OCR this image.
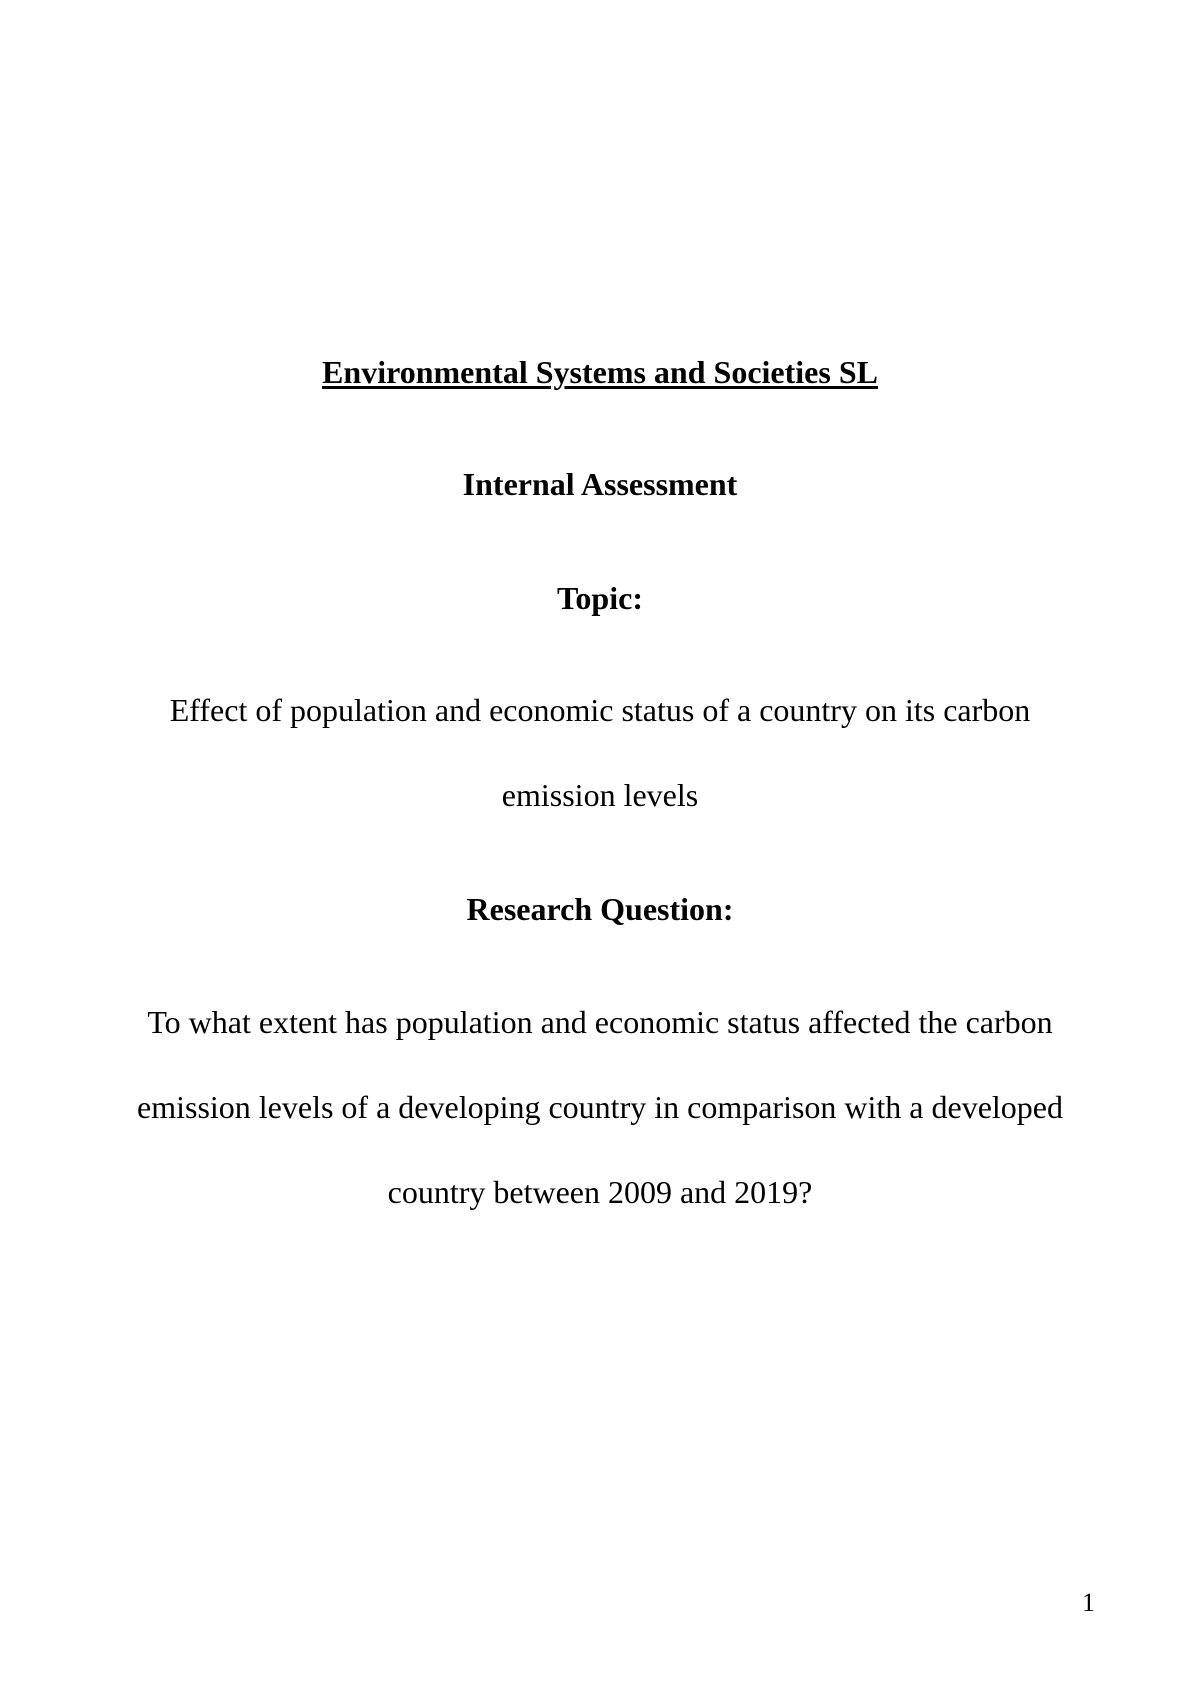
Environmental Systems and Societies SL
Internal Assessment
Topic:
Effect of population and economic status of a country on its carbon
emission levels
Research Question:
To what extent has population and economic status affected the carbon
emission levels of a developing country in comparison with a developed
country between 2009 and 2019?
1
